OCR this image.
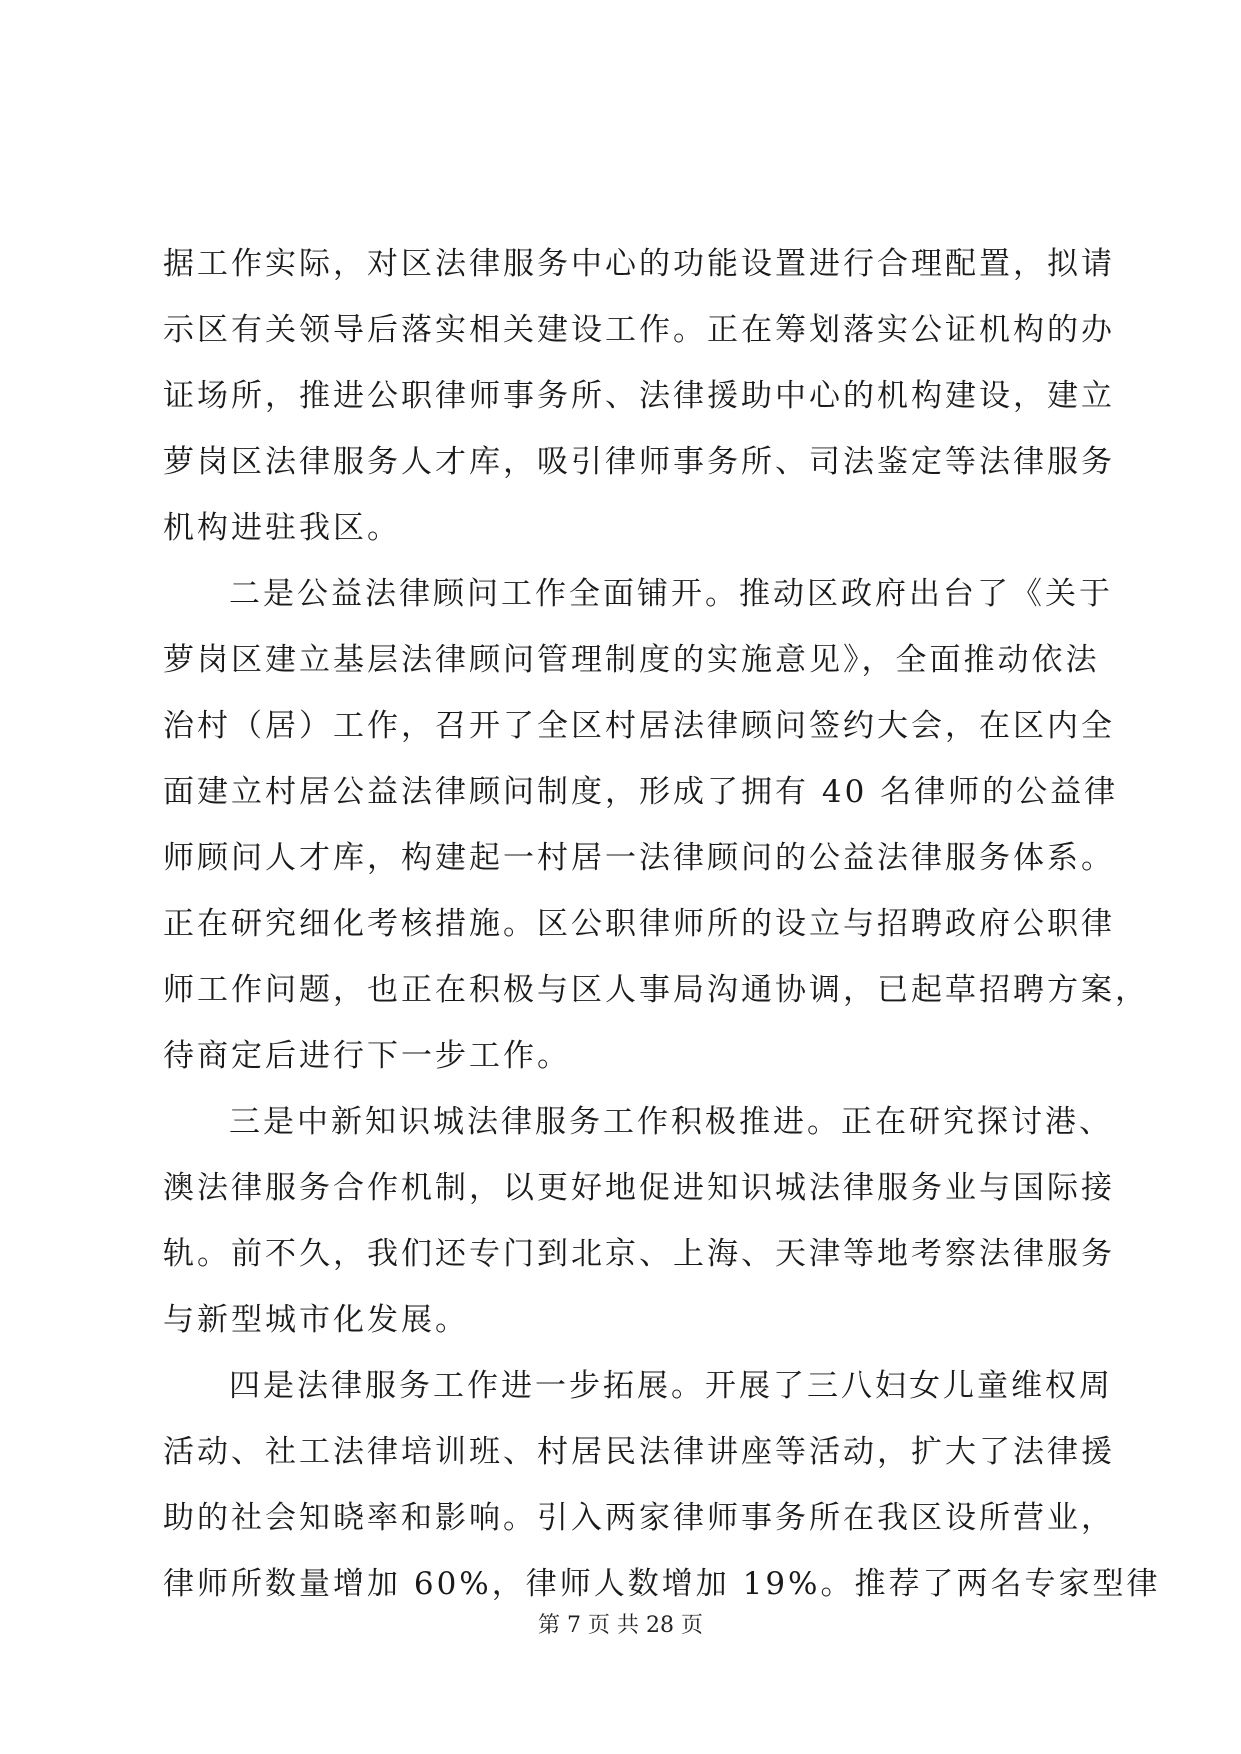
据工作实际，对区法律服务中心的功能设置进行合理配置，拟请
示区有关领导后落实相关建设工作。正在筹划落实公证机构的办
证场所，推进公职律师事务所、法律援助中心的机构建设，建立
萝岗区法律服务人才库，吸引律师事务所、司法鉴定等法律服务
机构进驻我区。
二是公益法律顾问工作全面铺开。推动区政府出台了《关于
萝岗区建立基层法律顾问管理制度的实施意见》，全面推动依法
治村（居）工作，召开了全区村居法律顾问签约大会，在区内全
面建立村居公益法律顾问制度，形成了拥有 40 名律师的公益律
师顾问人才库，构建起一村居一法律顾问的公益法律服务体系。
正在研究细化考核措施。区公职律师所的设立与招聘政府公职律
师工作问题，也正在积极与区人事局沟通协调，已起草招聘方案，
待商定后进行下一步工作。
三是中新知识城法律服务工作积极推进。正在研究探讨港、
澳法律服务合作机制，以更好地促进知识城法律服务业与国际接
轨。前不久，我们还专门到北京、上海、天津等地考察法律服务
与新型城市化发展。
四是法律服务工作进一步拓展。开展了三八妇女儿童维权周
活动、社工法律培训班、村居民法律讲座等活动，扩大了法律援
助的社会知晓率和影响。引入两家律师事务所在我区设所营业，
律师所数量增加 60%，律师人数增加 19%。推荐了两名专家型律
第 7 页 共 28 页
